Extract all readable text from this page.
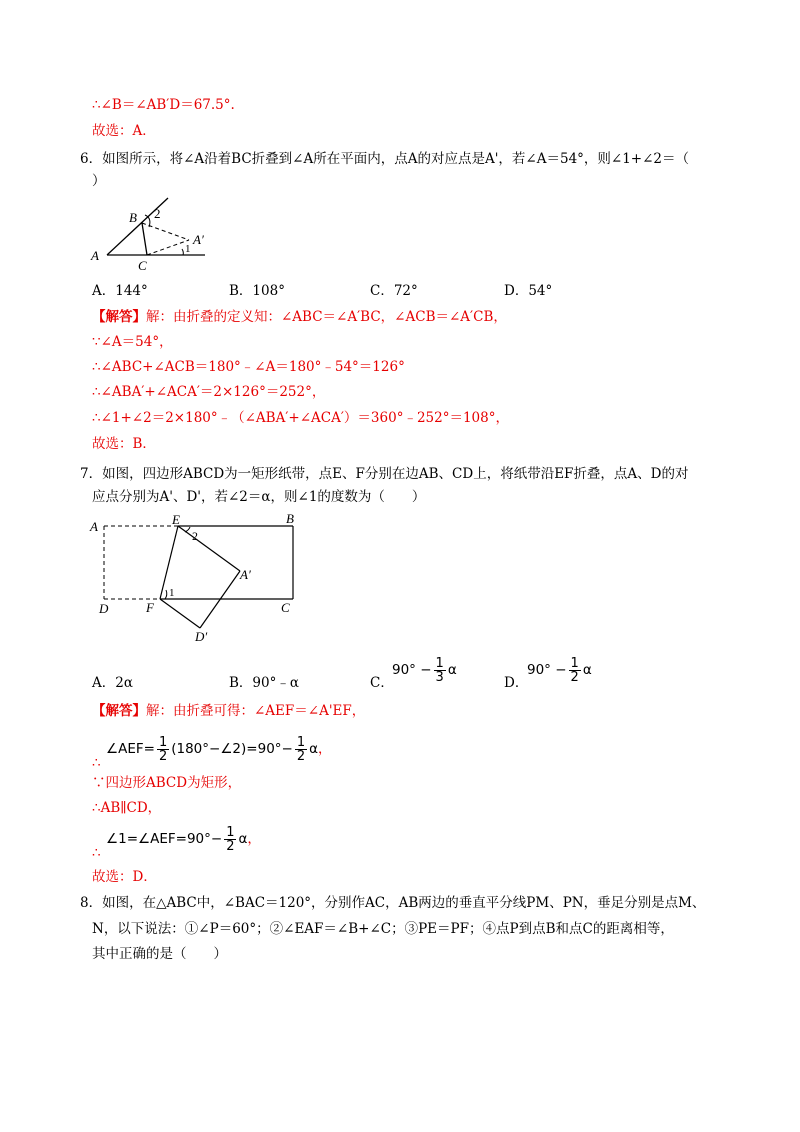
∴∠B＝∠AB′D＝67.5°.
故选：A．
6．如图所示，将∠A沿着BC折叠到∠A所在平面内，点A的对应点是A'，若∠A＝54°，则∠1+∠2＝（
）
A
B
C
A′
2
1
A．144°	B．108°	C．72°	D．54°
【解答】解：由折叠的定义知：∠ABC＝∠A′BC，∠ACB＝∠A′CB，
∵∠A＝54°，
∴∠ABC+∠ACB＝180°﹣∠A＝180°﹣54°＝126°
∴∠ABA′+∠ACA′＝2×126°＝252°，
∴∠1+∠2＝2×180°﹣（∠ABA′+∠ACA′）＝360°﹣252°＝108°，
故选：B．
7．如图，四边形ABCD为一矩形纸带，点E、F分别在边AB、CD上，将纸带沿EF折叠，点A、D的对
应点分别为A'、D'，若∠2＝α，则∠1的度数为（　　）
A	E	B
D	F	C
A′
D′
2
1
A．2α	B．90°﹣α	C．
$90^\circ - \frac{1}{3}$ α
D．
$90^\circ - \frac{1}{2}$ α
【解答】解：由折叠可得：∠AEF＝∠A'EF，
∴
∠AEF= $\frac{1}{2}$ (180°−∠2)=90°− $\frac{1}{2}$ α，
∵四边形ABCD为矩形，
∴AB∥CD，
∴
∠1=∠AEF=90°− $\frac{1}{2}$ α，
故选：D．
8．如图，在△ABC中，∠BAC＝120°，分别作AC，AB两边的垂直平分线PM、PN，垂足分别是点M、
N，以下说法：①∠P＝60°；②∠EAF＝∠B+∠C；③PE＝PF；④点P到点B和点C的距离相等，
其中正确的是（　　）
